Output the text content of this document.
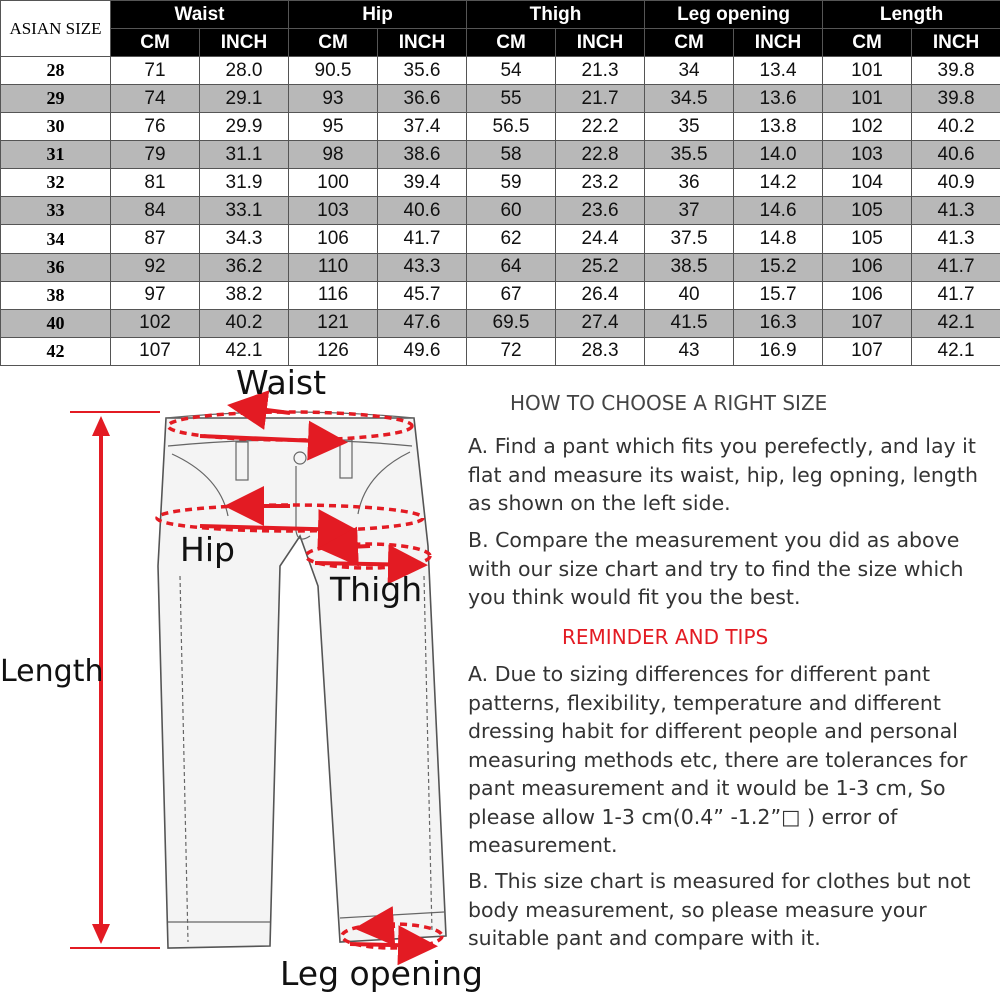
ASIAN SIZE	Waist		Hip		Thigh		Leg opening		Length	
	CM	INCH	CM	INCH	CM	INCH	CM	INCH	CM	INCH
28	71	28.0	90.5	35.6	54	21.3	34	13.4	101	39.8
29	74	29.1	93	36.6	55	21.7	34.5	13.6	101	39.8
30	76	29.9	95	37.4	56.5	22.2	35	13.8	102	40.2
31	79	31.1	98	38.6	58	22.8	35.5	14.0	103	40.6
32	81	31.9	100	39.4	59	23.2	36	14.2	104	40.9
33	84	33.1	103	40.6	60	23.6	37	14.6	105	41.3
34	87	34.3	106	41.7	62	24.4	37.5	14.8	105	41.3
36	92	36.2	110	43.3	64	25.2	38.5	15.2	106	41.7
38	97	38.2	116	45.7	67	26.4	40	15.7	106	41.7
40	102	40.2	121	47.6	69.5	27.4	41.5	16.3	107	42.1
42	107	42.1	126	49.6	72	28.3	43	16.9	107	42.1
Waist
Hip
Thigh
Length
Leg opening
HOW TO CHOOSE A RIGHT SIZE
A. Find a pant which fits you perefectly, and lay it flat and measure its waist, hip, leg opning, length as shown on the left side.
B. Compare the measurement you did as above with our size chart and try to find the size which you think would fit you the best.
REMINDER AND TIPS
A. Due to sizing differences for different pant patterns, flexibility, temperature and different dressing habit for different people and personal measuring methods etc, there are tolerances for pant measurement and it would be 1-3 cm, So please allow 1-3 cm(0.4” -1.2”□ ) error of measurement.
B. This size chart is measured for clothes but not body measurement, so please measure your suitable pant and compare with it.
